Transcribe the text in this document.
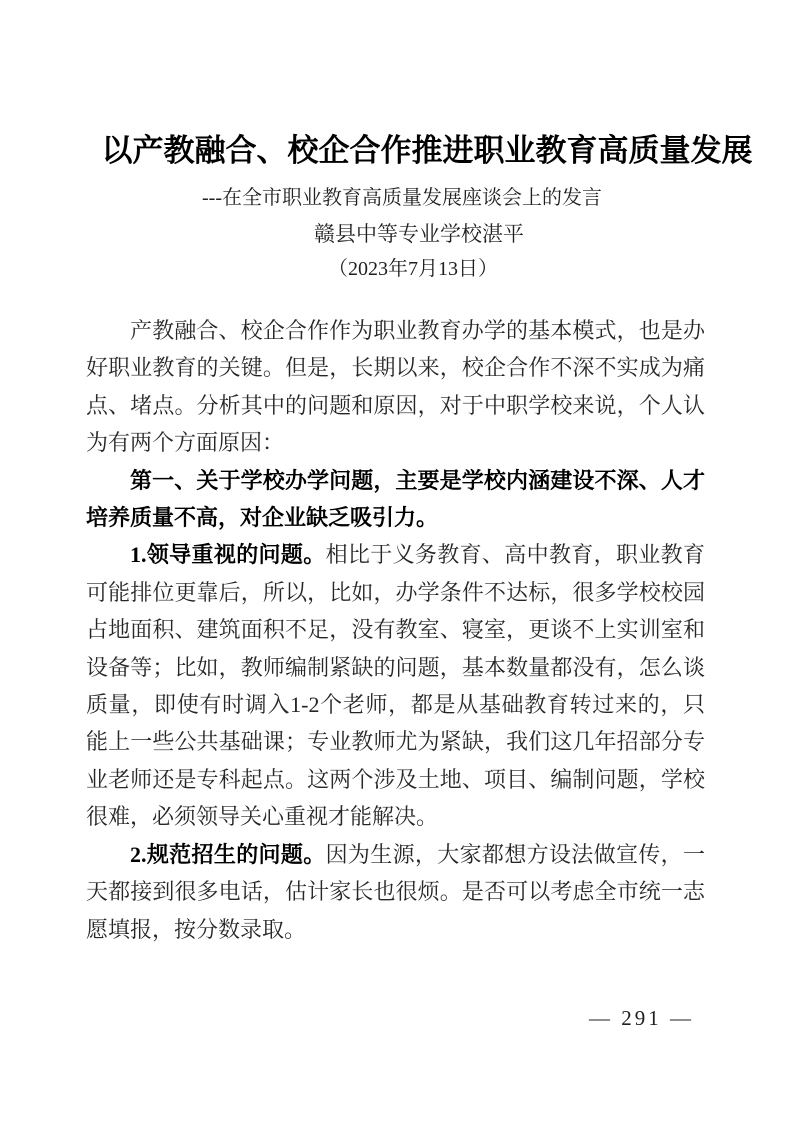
以产教融合、校企合作推进职业教育高质量发展
---在全市职业教育高质量发展座谈会上的发言
赣县中等专业学校湛平
（2023年7月13日）

产教融合、校企合作作为职业教育办学的基本模式，也是办好职业教育的关键。但是，长期以来，校企合作不深不实成为痛点、堵点。分析其中的问题和原因，对于中职学校来说，个人认为有两个方面原因：

第一、关于学校办学问题，主要是学校内涵建设不深、人才培养质量不高，对企业缺乏吸引力。

1.领导重视的问题。相比于义务教育、高中教育，职业教育可能排位更靠后，所以，比如，办学条件不达标，很多学校校园占地面积、建筑面积不足，没有教室、寝室，更谈不上实训室和设备等；比如，教师编制紧缺的问题，基本数量都没有，怎么谈质量，即使有时调入1-2个老师，都是从基础教育转过来的，只能上一些公共基础课；专业教师尤为紧缺，我们这几年招部分专业老师还是专科起点。这两个涉及土地、项目、编制问题，学校很难，必须领导关心重视才能解决。

2.规范招生的问题。因为生源，大家都想方设法做宣传，一天都接到很多电话，估计家长也很烦。是否可以考虑全市统一志愿填报，按分数录取。

— 291 —
